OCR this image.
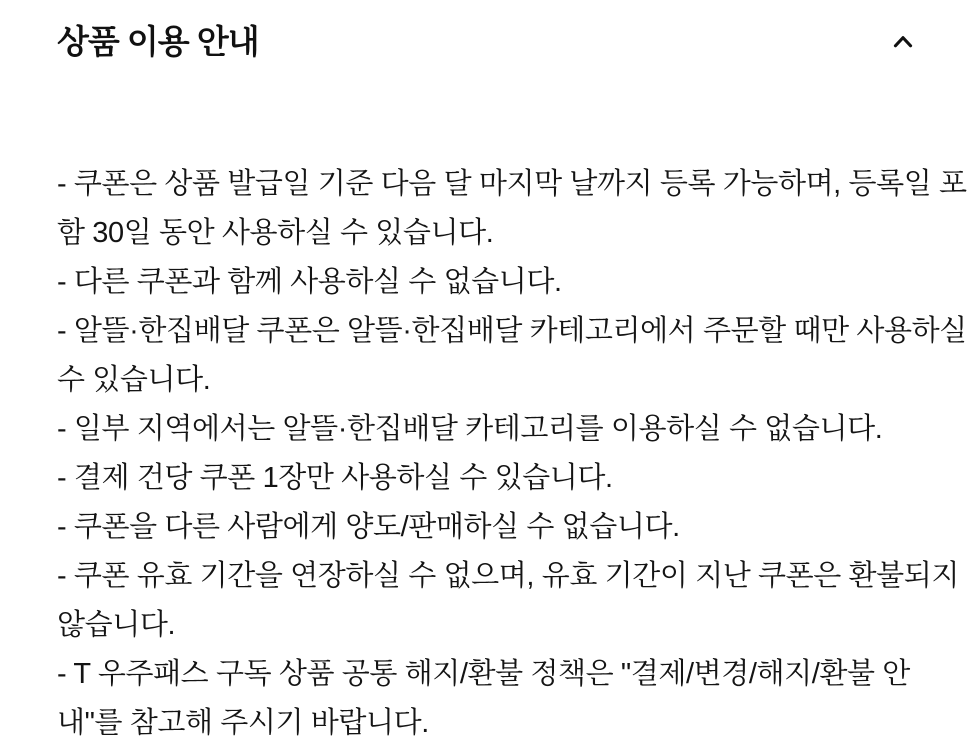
상품 이용 안내
- 쿠폰은 상품 발급일 기준 다음 달 마지막 날까지 등록 가능하며, 등록일 포
함 30일 동안 사용하실 수 있습니다.
- 다른 쿠폰과 함께 사용하실 수 없습니다.
- 알뜰·한집배달 쿠폰은 알뜰·한집배달 카테고리에서 주문할 때만 사용하실
수 있습니다.
- 일부 지역에서는 알뜰·한집배달 카테고리를 이용하실 수 없습니다.
- 결제 건당 쿠폰 1장만 사용하실 수 있습니다.
- 쿠폰을 다른 사람에게 양도/판매하실 수 없습니다.
- 쿠폰 유효 기간을 연장하실 수 없으며, 유효 기간이 지난 쿠폰은 환불되지
않습니다.
- T 우주패스 구독 상품 공통 해지/환불 정책은 "결제/변경/해지/환불 안
내"를 참고해 주시기 바랍니다.
